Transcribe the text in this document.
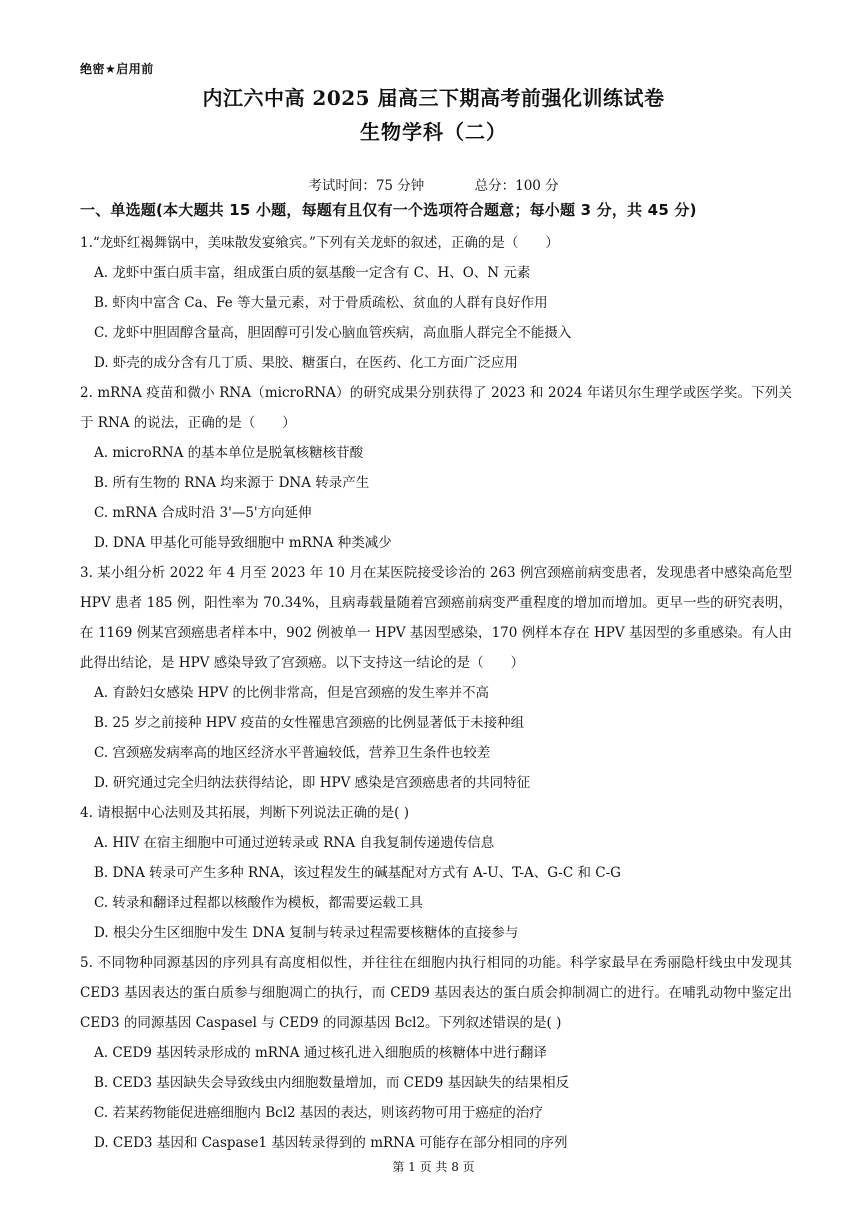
绝密★启用前
内江六中高 2025 届高三下期高考前强化训练试卷
生物学科（二）
考试时间：75 分钟	总分：100 分
一、单选题(本大题共 15 小题，每题有且仅有一个选项符合题意；每小题 3 分，共 45 分)

1.“龙虾红褐舞锅中，美味散发宴飨宾。”下列有关龙虾的叙述，正确的是（　　）

A. 龙虾中蛋白质丰富，组成蛋白质的氨基酸一定含有 C、H、O、N 元素

B. 虾肉中富含 Ca、Fe 等大量元素，对于骨质疏松、贫血的人群有良好作用

C. 龙虾中胆固醇含量高，胆固醇可引发心脑血管疾病，高血脂人群完全不能摄入

D. 虾壳的成分含有几丁质、果胶、糖蛋白，在医药、化工方面广泛应用

2. mRNA 疫苗和微小 RNA（microRNA）的研究成果分别获得了 2023 和 2024 年诺贝尔生理学或医学奖。下列关于 RNA 的说法，正确的是（　　）

A. microRNA 的基本单位是脱氧核糖核苷酸

B. 所有生物的 RNA 均来源于 DNA 转录产生

C. mRNA 合成时沿 3'—5'方向延伸

D. DNA 甲基化可能导致细胞中 mRNA 种类减少

3. 某小组分析 2022 年 4 月至 2023 年 10 月在某医院接受诊治的 263 例宫颈癌前病变患者，发现患者中感染高危型 HPV 患者 185 例，阳性率为 70.34%，且病毒载量随着宫颈癌前病变严重程度的增加而增加。更早一些的研究表明，在 1169 例某宫颈癌患者样本中，902 例被单一 HPV 基因型感染，170 例样本存在 HPV 基因型的多重感染。有人由此得出结论，是 HPV 感染导致了宫颈癌。以下支持这一结论的是（　　）

A. 育龄妇女感染 HPV 的比例非常高，但是宫颈癌的发生率并不高

B. 25 岁之前接种 HPV 疫苗的女性罹患宫颈癌的比例显著低于未接种组

C. 宫颈癌发病率高的地区经济水平普遍较低，营养卫生条件也较差

D. 研究通过完全归纳法获得结论，即 HPV 感染是宫颈癌患者的共同特征

4. 请根据中心法则及其拓展，判断下列说法正确的是( )

A. HIV 在宿主细胞中可通过逆转录或 RNA 自我复制传递遗传信息

B. DNA 转录可产生多种 RNA，该过程发生的碱基配对方式有 A-U、T-A、G-C 和 C-G

C. 转录和翻译过程都以核酸作为模板，都需要运载工具

D. 根尖分生区细胞中发生 DNA 复制与转录过程需要核糖体的直接参与

5. 不同物种同源基因的序列具有高度相似性，并往往在细胞内执行相同的功能。科学家最早在秀丽隐杆线虫中发现其 CED3 基因表达的蛋白质参与细胞凋亡的执行，而 CED9 基因表达的蛋白质会抑制凋亡的进行。在哺乳动物中鉴定出 CED3 的同源基因 Caspasel 与 CED9 的同源基因 Bcl2。下列叙述错误的是( )

A. CED9 基因转录形成的 mRNA 通过核孔进入细胞质的核糖体中进行翻译

B. CED3 基因缺失会导致线虫内细胞数量增加，而 CED9 基因缺失的结果相反

C. 若某药物能促进癌细胞内 Bcl2 基因的表达，则该药物可用于癌症的治疗

D. CED3 基因和 Caspase1 基因转录得到的 mRNA 可能存在部分相同的序列

第 1 页 共 8 页
